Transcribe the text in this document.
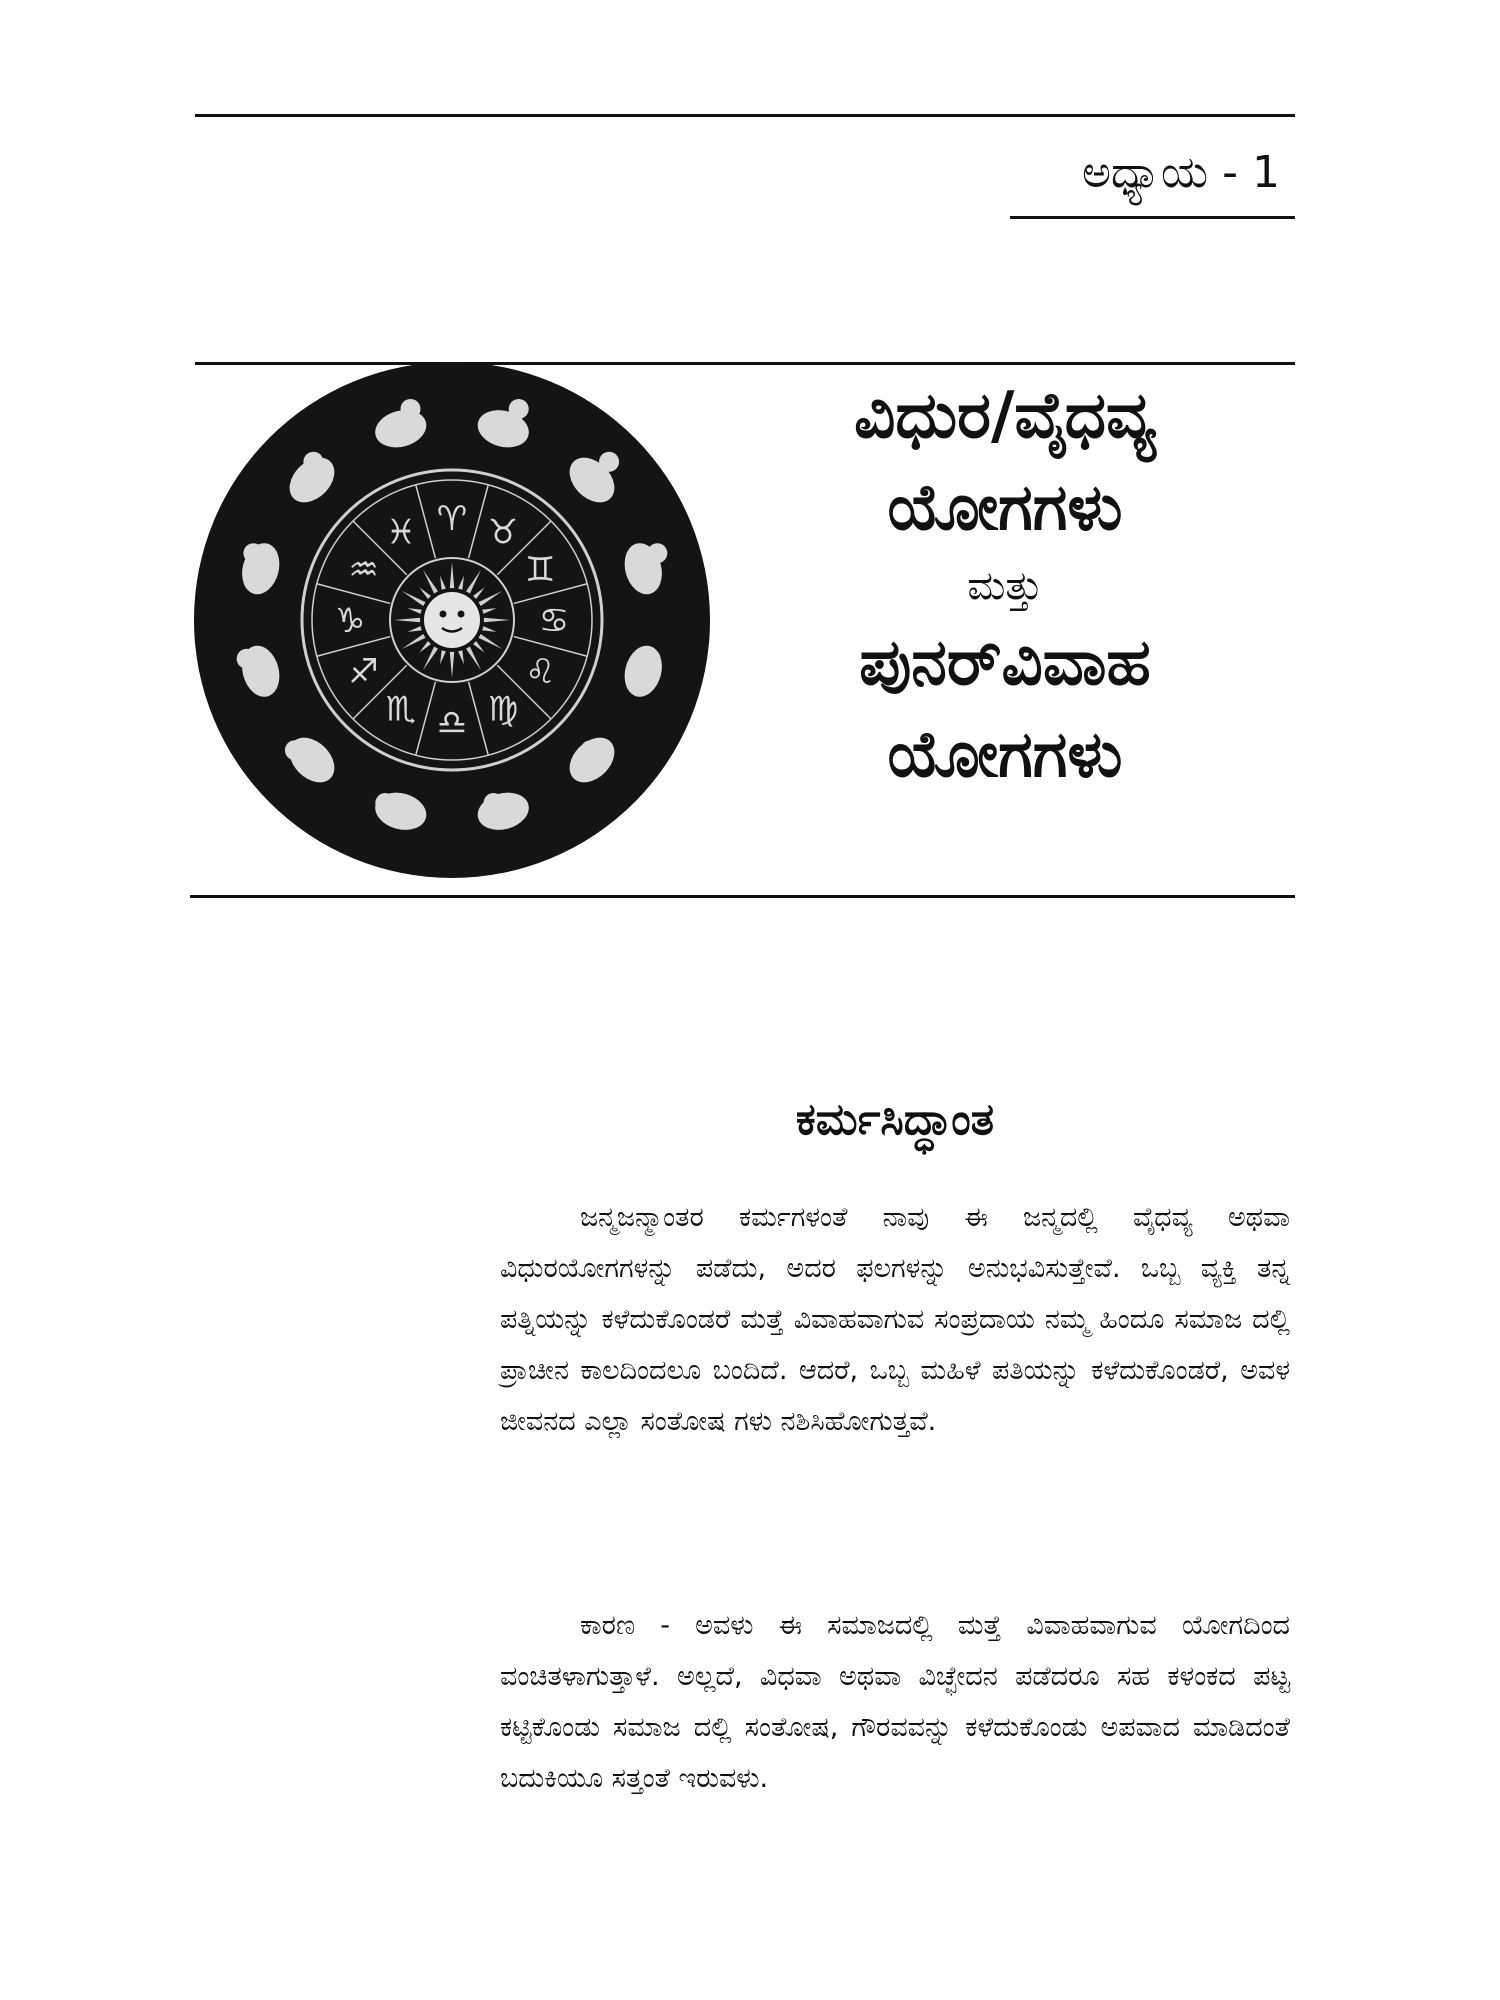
ಅಧ್ಯಾಯ - 1
♈ ♉
♊
♋
♌
♍
♎
♏
♐
♑
♒
♓
ವಿಧುರ/ವೈಧವ್ಯ
ಯೋಗಗಳು
ಮತ್ತು
ಪುನರ್‌ವಿವಾಹ
ಯೋಗಗಳು
ಕರ್ಮಸಿದ್ಧಾಂತ

ಜನ್ಮಜನ್ಮಾಂತರ ಕರ್ಮಗಳಂತೆ ನಾವು ಈ ಜನ್ಮದಲ್ಲಿ ವೈಧವ್ಯ ಅಥವಾ ವಿಧುರಯೋಗಗಳನ್ನು ಪಡೆದು, ಅದರ ಫಲಗಳನ್ನು ಅನುಭವಿಸುತ್ತೇವೆ. ಒಬ್ಬ ವ್ಯಕ್ತಿ ತನ್ನ ಪತ್ನಿಯನ್ನು ಕಳೆದುಕೊಂಡರೆ ಮತ್ತೆ ವಿವಾಹವಾಗುವ ಸಂಪ್ರದಾಯ ನಮ್ಮ ಹಿಂದೂ ಸಮಾಜ ದಲ್ಲಿ ಪ್ರಾಚೀನ ಕಾಲದಿಂದಲೂ ಬಂದಿದೆ. ಆದರೆ, ಒಬ್ಬ ಮಹಿಳೆ ಪತಿಯನ್ನು ಕಳೆದುಕೊಂಡರೆ, ಅವಳ ಜೀವನದ ಎಲ್ಲಾ ಸಂತೋಷ ಗಳು ನಶಿಸಿಹೋಗುತ್ತವೆ.

ಕಾರಣ - ಅವಳು ಈ ಸಮಾಜದಲ್ಲಿ ಮತ್ತೆ ವಿವಾಹವಾಗುವ ಯೋಗದಿಂದ ವಂಚಿತಳಾಗುತ್ತಾಳೆ. ಅಲ್ಲದೆ, ವಿಧವಾ ಅಥವಾ ವಿಚ್ಛೇದನ ಪಡೆದರೂ ಸಹ ಕಳಂಕದ ಪಟ್ಟ ಕಟ್ಟಿಕೊಂಡು ಸಮಾಜ ದಲ್ಲಿ ಸಂತೋಷ, ಗೌರವವನ್ನು ಕಳೆದುಕೊಂಡು ಅಪವಾದ ಮಾಡಿದಂತೆ ಬದುಕಿಯೂ ಸತ್ತಂತೆ ಇರುವಳು.
